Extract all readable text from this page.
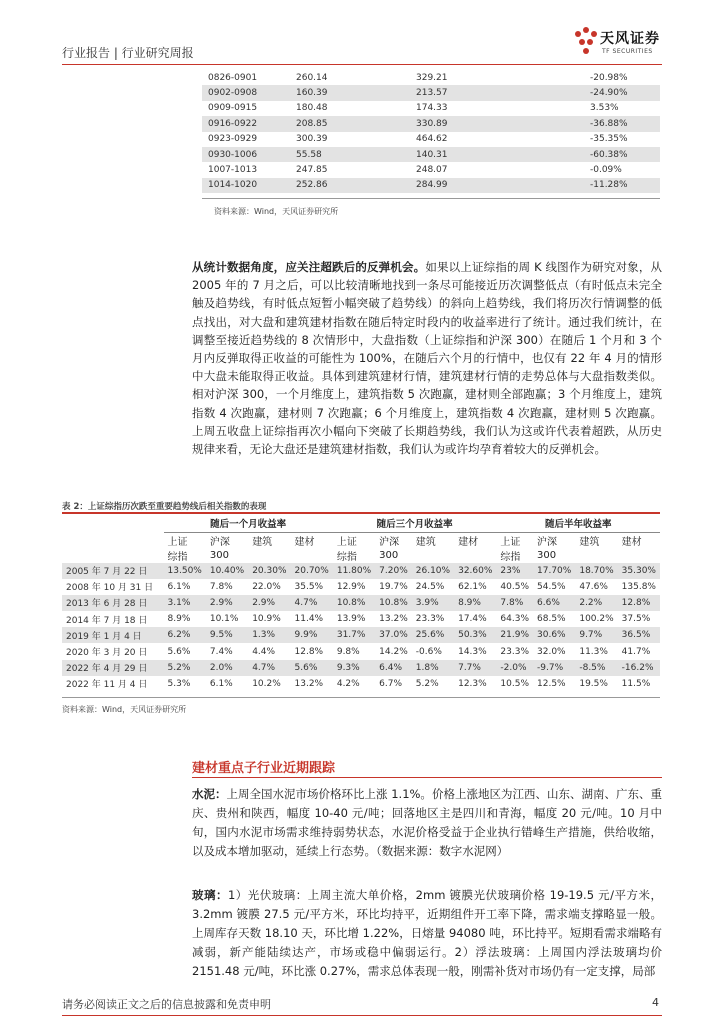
行业报告 | 行业研究周报
天风证券
TF SECURITIES
0826-0901	260.14	329.21	-20.98%
0902-0908	160.39	213.57	-24.90%
0909-0915	180.48	174.33	3.53%
0916-0922	208.85	330.89	-36.88%
0923-0929	300.39	464.62	-35.35%
0930-1006	55.58	140.31	-60.38%
1007-1013	247.85	248.07	-0.09%
1014-1020	252.86	284.99	-11.28%
资料来源：Wind，天风证券研究所
从统计数据角度，应关注超跌后的反弹机会。如果以上证综指的周 K 线图作为研究对象，从 2005 年的 7 月之后，可以比较清晰地找到一条尽可能接近历次调整低点（有时低点未完全触及趋势线，有时低点短暂小幅突破了趋势线）的斜向上趋势线，我们将历次行情调整的低点找出，对大盘和建筑建材指数在随后特定时段内的收益率进行了统计。通过我们统计，在调整至接近趋势线的 8 次情形中，大盘指数（上证综指和沪深 300）在随后 1 个月和 3 个月内反弹取得正收益的可能性为 100%，在随后六个月的行情中，也仅有 22 年 4 月的情形中大盘未能取得正收益。具体到建筑建材行情，建筑建材行情的走势总体与大盘指数类似。相对沪深 300，一个月维度上，建筑指数 5 次跑赢，建材则全部跑赢；3 个月维度上，建筑指数 4 次跑赢，建材则 7 次跑赢；6 个月维度上，建筑指数 4 次跑赢，建材则 5 次跑赢。上周五收盘上证综指再次小幅向下突破了长期趋势线，我们认为这或许代表着超跌，从历史规律来看，无论大盘还是建筑建材指数，我们认为或许均孕育着较大的反弹机会。
表 2：上证综指历次跌至重要趋势线后相关指数的表现
	随后一个月收益率				随后三个月收益率				随后半年收益率			
	上证	沪深	建筑	建材	上证	沪深	建筑	建材	上证	沪深	建筑	建材
	综指	300			综指	300			综指	300		
2005 年 7 月 22 日	13.50%	10.40%	20.30%	20.70%	11.80%	7.20%	26.10%	32.60%	23%	17.70%	18.70%	35.30%
2008 年 10 月 31 日	6.1%	7.8%	22.0%	35.5%	12.9%	19.7%	24.5%	62.1%	40.5%	54.5%	47.6%	135.8%
2013 年 6 月 28 日	3.1%	2.9%	2.9%	4.7%	10.8%	10.8%	3.9%	8.9%	7.8%	6.6%	2.2%	12.8%
2014 年 7 月 18 日	8.9%	10.1%	10.9%	11.4%	13.9%	13.2%	23.3%	17.4%	64.3%	68.5%	100.2%	37.5%
2019 年 1 月 4 日	6.2%	9.5%	1.3%	9.9%	31.7%	37.0%	25.6%	50.3%	21.9%	30.6%	9.7%	36.5%
2020 年 3 月 20 日	5.6%	7.4%	4.4%	12.8%	9.8%	14.2%	-0.6%	14.3%	23.3%	32.0%	11.3%	41.7%
2022 年 4 月 29 日	5.2%	2.0%	4.7%	5.6%	9.3%	6.4%	1.8%	7.7%	-2.0%	-9.7%	-8.5%	-16.2%
2022 年 11 月 4 日	5.3%	6.1%	10.2%	13.2%	4.2%	6.7%	5.2%	12.3%	10.5%	12.5%	19.5%	11.5%
资料来源：Wind，天风证券研究所
建材重点子行业近期跟踪
水泥：上周全国水泥市场价格环比上涨 1.1%。价格上涨地区为江西、山东、湖南、广东、重庆、贵州和陕西，幅度 10-40 元/吨；回落地区主是四川和青海，幅度 20 元/吨。10 月中旬，国内水泥市场需求维持弱势状态，水泥价格受益于企业执行错峰生产措施，供给收缩，以及成本增加驱动，延续上行态势。（数据来源：数字水泥网）
玻璃：1）光伏玻璃：上周主流大单价格，2mm 镀膜光伏玻璃价格 19-19.5 元/平方米，3.2mm 镀膜 27.5 元/平方米，环比均持平，近期组件开工率下降，需求端支撑略显一般。上周库存天数 18.10 天，环比增 1.22%，日熔量 94080 吨，环比持平。短期看需求端略有减弱，新产能陆续达产，市场或稳中偏弱运行。2）浮法玻璃：上周国内浮法玻璃均价 2151.48 元/吨，环比涨 0.27%，需求总体表现一般，刚需补货对市场仍有一定支撑，局部
请务必阅读正文之后的信息披露和免责申明	4
